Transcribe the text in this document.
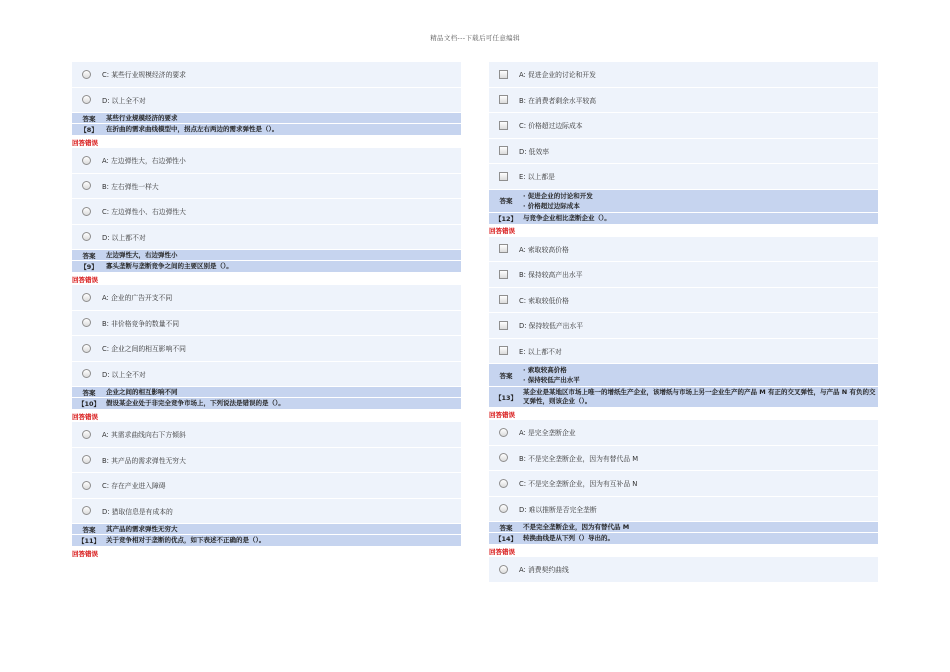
精品文档---下载后可任意编辑
C: 某些行业规模经济的要求
D: 以上全不对
答案	某些行业规模经济的要求
【8】	在折曲的需求曲线模型中，拐点左右两边的需求弹性是（）。
回答错误
A: 左边弹性大，右边弹性小
B: 左右弹性一样大
C: 左边弹性小、右边弹性大
D: 以上都不对
答案	左边弹性大，右边弹性小
【9】	寡头垄断与垄断竞争之间的主要区别是（）。
回答错误
A: 企业的广告开支不同
B: 非价格竞争的数量不同
C: 企业之间的相互影响不同
D: 以上全不对
答案	企业之间的相互影响不同
【10】 假设某企业处于非完全竞争市场上，下列说法是错误的是（）。
回答错误
A: 其需求曲线向右下方倾斜
B: 其产品的需求弹性无穷大
C: 存在产业进入障碍
D: 猎取信息是有成本的
答案	其产品的需求弹性无穷大
【11】 关于竞争相对于垄断的优点，如下表述不正确的是（）。
回答错误
A: 促进企业的讨论和开发
B: 在消费者剩余水平较高
C: 价格超过边际成本
D: 低效率
E: 以上都是
答案
· 促进企业的讨论和开发
· 价格超过边际成本
【12】 与竞争企业相比垄断企业（）。
回答错误
A: 索取较高价格
B: 保持较高产出水平
C: 索取较低价格
D: 保持较低产出水平
E: 以上都不对
答案
· 索取较高价格
· 保持较低产出水平
【13】
某企业是某地区市场上唯一的增纸生产企业，该增纸与市场上另一企业生产的产品 M 有正的交叉弹性，与产品 N 有负的交叉弹性，则该企业（）。
回答错误
A: 是完全垄断企业
B: 不是完全垄断企业，因为有替代品 M
C: 不是完全垄断企业，因为有互补品 N
D: 难以推断是否完全垄断
答案	不是完全垄断企业，因为有替代品 M
【14】 转换曲线是从下列（）导出的。
回答错误
A: 消费契约曲线
